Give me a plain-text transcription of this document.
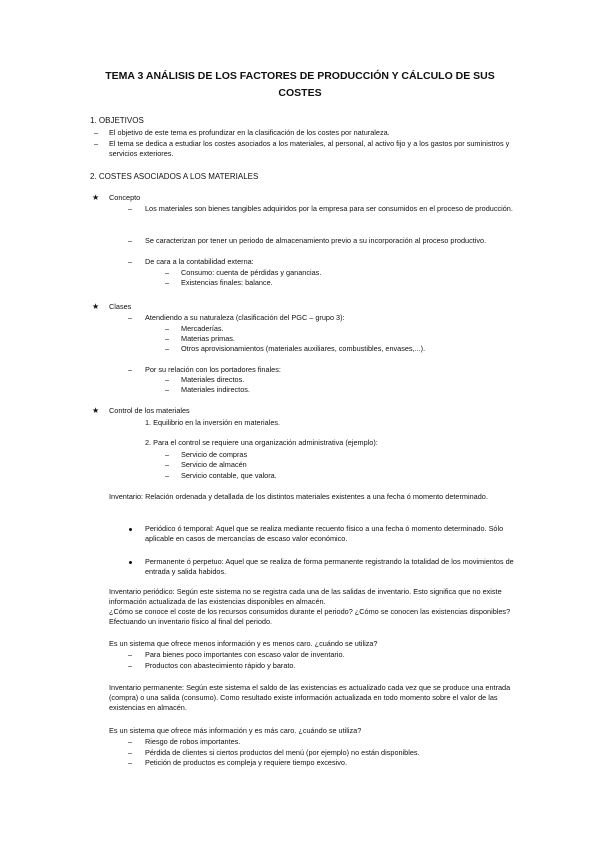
TEMA 3 ANÁLISIS DE LOS FACTORES DE PRODUCCIÓN Y CÁLCULO DE SUS COSTES
1. OBJETIVOS
– El objetivo de este tema es profundizar en la clasificación de los costes por naturaleza.
– El tema se dedica a estudiar los costes asociados a los materiales, al personal, al activo fijo y a los gastos por suministros y servicios exteriores.
2. COSTES ASOCIADOS A LOS MATERIALES
★ Concepto
– Los materiales son bienes tangibles adquiridos por la empresa para ser consumidos en el proceso de producción.
– Se caracterizan por tener un periodo de almacenamiento previo a su incorporación al proceso productivo.
– De cara a la contabilidad externa:
– Consumo: cuenta de pérdidas y ganancias.
– Existencias finales: balance.
★ Clases
– Atendiendo a su naturaleza (clasificación del PGC – grupo 3):
– Mercaderías.
– Materias primas.
– Otros aprovisionamientos (materiales auxiliares, combustibles, envases,...).
– Por su relación con los portadores finales:
– Materiales directos.
– Materiales indirectos.
★ Control de los materiales
1. Equilibrio en la inversión en materiales.
2. Para el control se requiere una organización administrativa (ejemplo):
– Servicio de compras
– Servicio de almacén
– Servicio contable, que valora.
Inventario: Relación ordenada y detallada de los distintos materiales existentes a una fecha ó momento determinado.
Periódico ó temporal: Aquel que se realiza mediante recuento físico a una fecha ó momento determinado. Sólo aplicable en casos de mercancías de escaso valor económico.
Permanente ó perpetuo: Aquel que se realiza de forma permanente registrando la totalidad de los movimientos de entrada y salida habidos.
Inventario periódico: Según este sistema no se registra cada una de las salidas de inventario. Esto significa que no existe información actualizada de las existencias disponibles en almacén.
¿Cómo se conoce el coste de los recursos consumidos durante el periodo? ¿Cómo se conocen las existencias disponibles? Efectuando un inventario físico al final del periodo.
Es un sistema que ofrece menos información y es menos caro. ¿cuándo se utiliza?
– Para bienes poco importantes con escaso valor de inventario.
– Productos con abastecimiento rápido y barato.
Inventario permanente: Según este sistema el saldo de las existencias es actualizado cada vez que se produce una entrada (compra) o una salida (consumo). Como resultado existe información actualizada en todo momento sobre el valor de las existencias en almacén.
Es un sistema que ofrece más información y es más caro. ¿cuándo se utiliza?
– Riesgo de robos importantes.
– Pérdida de clientes si ciertos productos del menú (por ejemplo) no están disponibles.
– Petición de productos es compleja y requiere tiempo excesivo.
